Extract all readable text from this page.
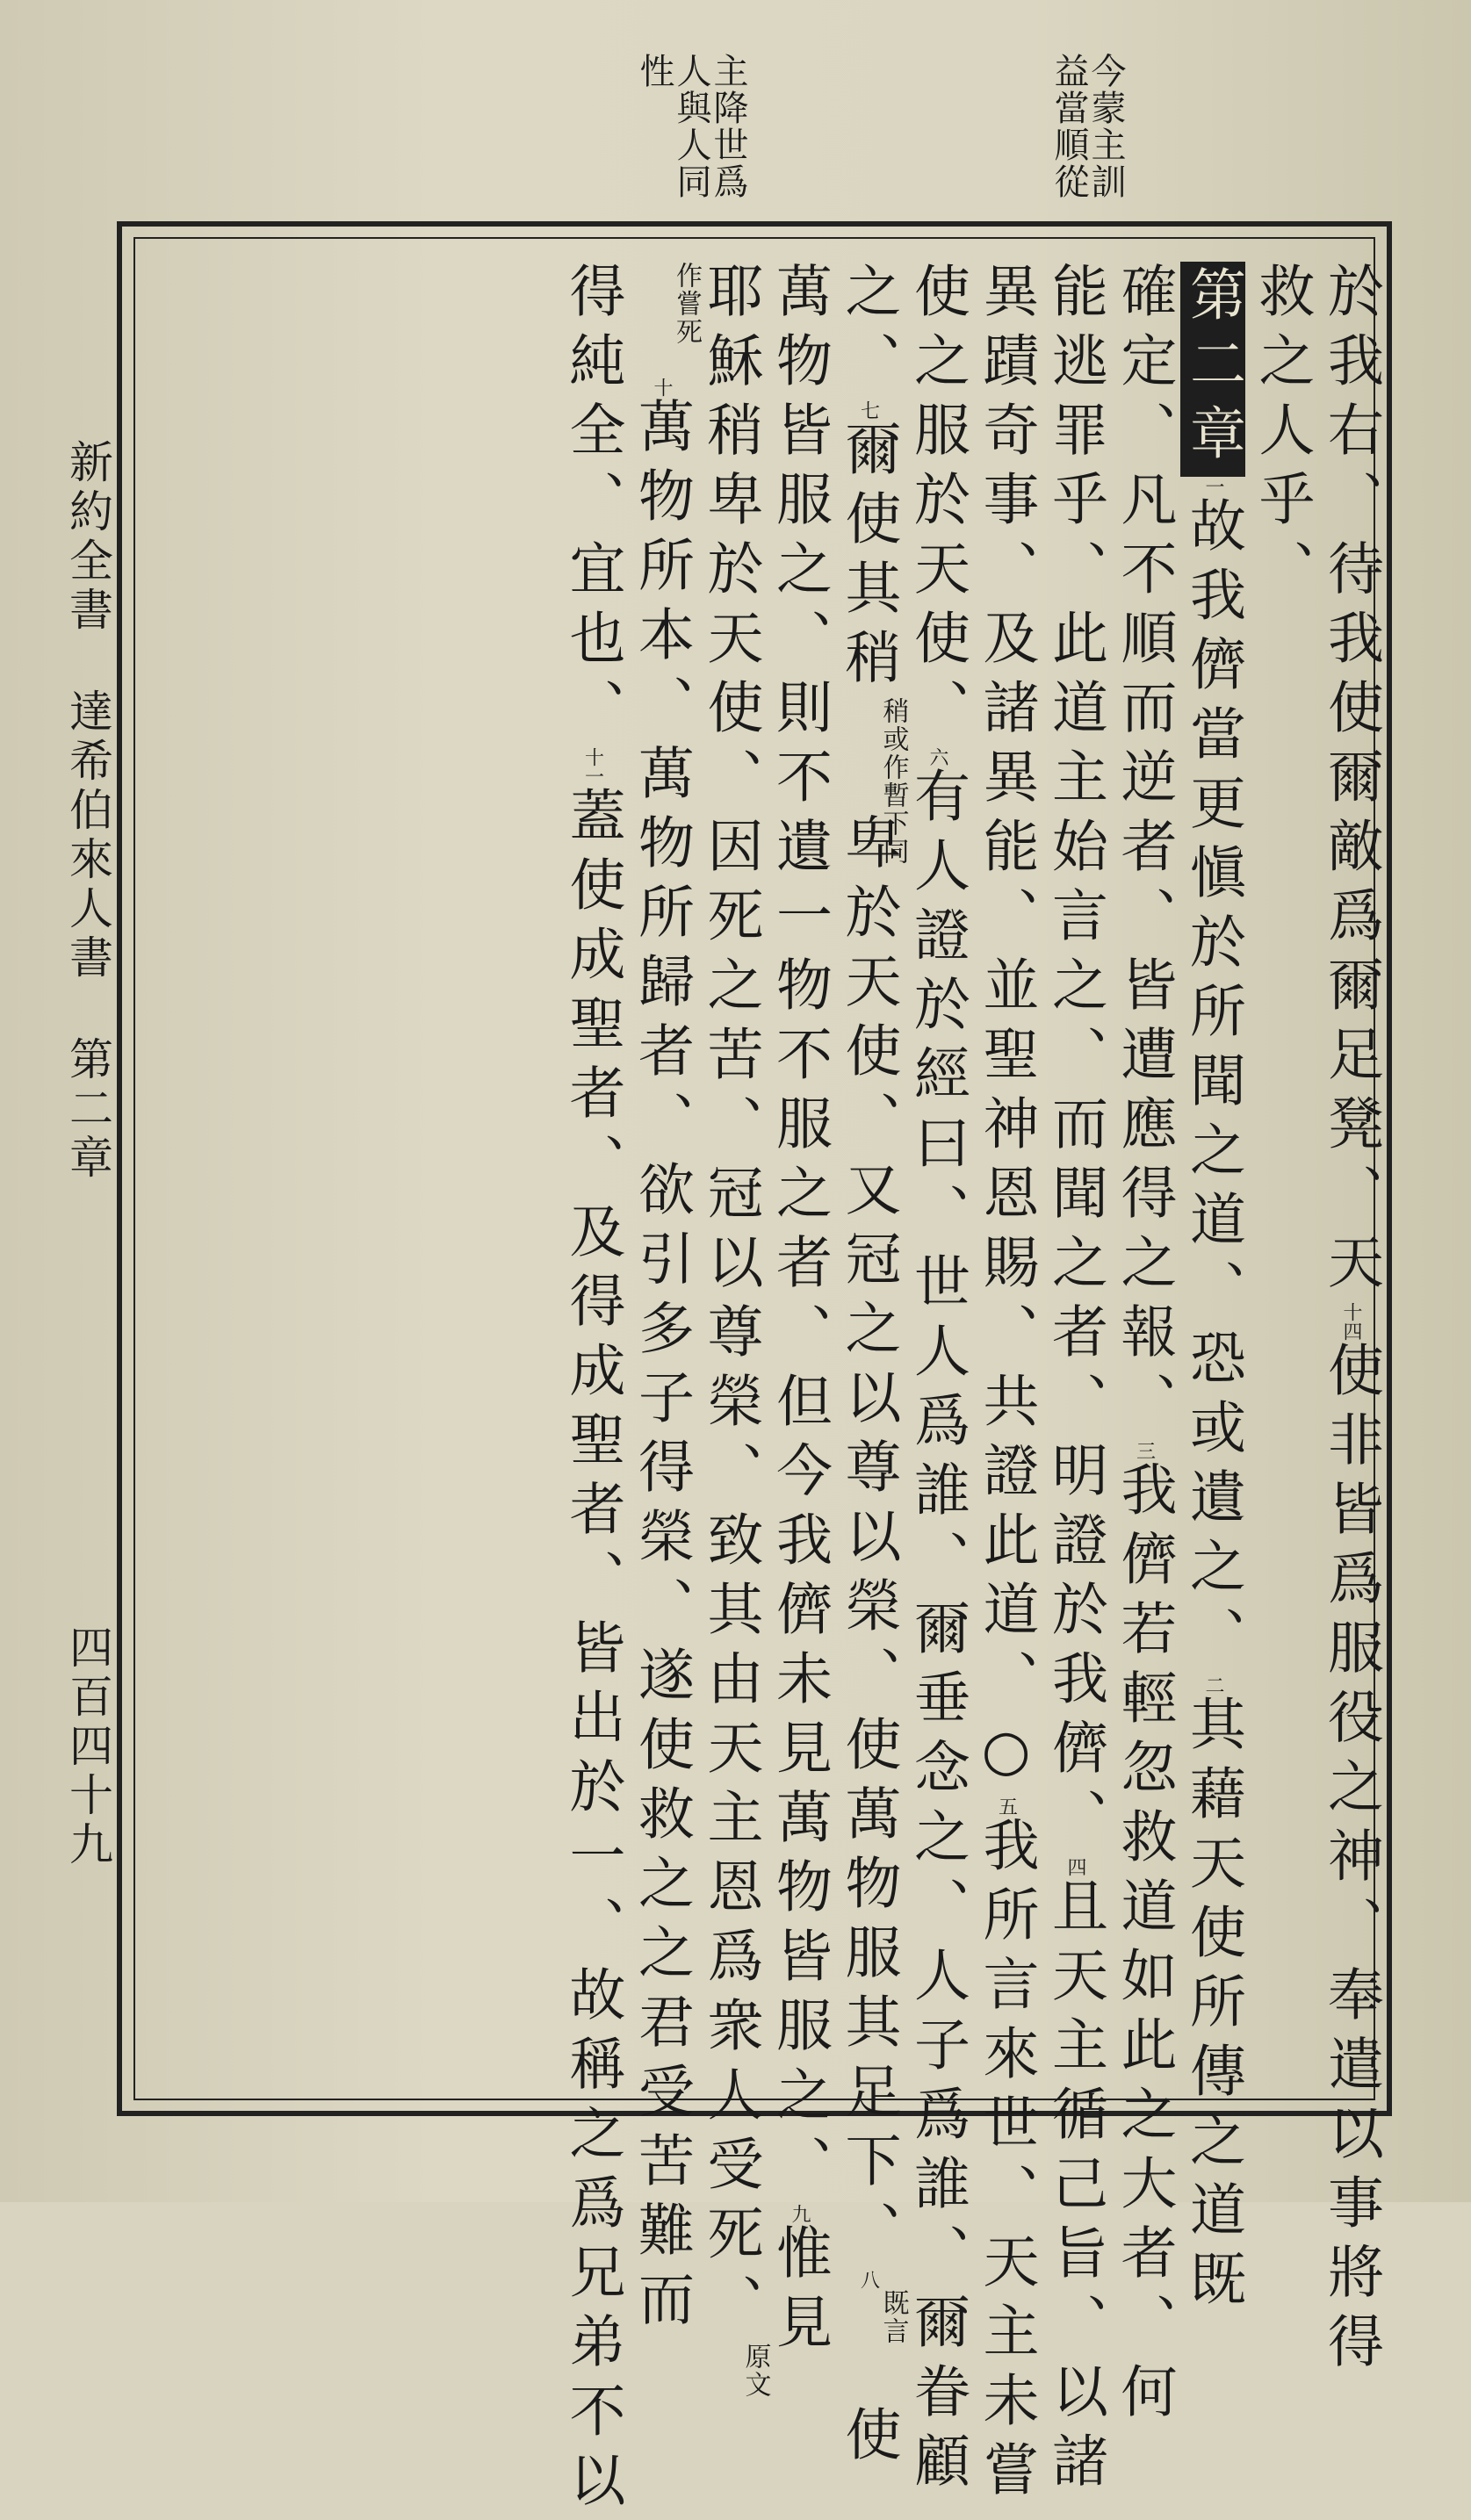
今蒙主訓益當順從
主降世爲人與人同性
於我右、待我使爾敵爲爾足凳、天十四使非皆爲服役之神、奉遣以事將得
救之人乎、
第二章一故我儕當更愼於所聞之道、恐或遺之、二其藉天使所傳之道既
確定、凡不順而逆者、皆遭應得之報、三我儕若輕忽救道如此之大者、何
能逃罪乎、此道主始言之、而聞之者、明證於我儕、四且天主循己旨、以諸
異蹟奇事、及諸異能、並聖神恩賜、共證此道、○五我所言來世、天主未嘗
使之服於天使、六有人證於經曰、世人爲誰、爾垂念之、人子爲誰、爾眷顧
之、七爾使其稍稍或作暫下同卑於天使、又冠之以尊以榮、使萬物服其足下、八既言使
萬物皆服之、則不遺一物不服之者、但今我儕未見萬物皆服之、九惟見
耶穌稍卑於天使、因死之苦、冠以尊榮、致其由天主恩爲衆人受死、原文
作嘗死十萬物所本、萬物所歸者、欲引多子得榮、遂使救之之君受苦難而
得純全、宜也、十一蓋使成聖者、及得成聖者、皆出於一、故稱之爲兄弟不以
新約全書達希伯來人書第二章
四百四十九
